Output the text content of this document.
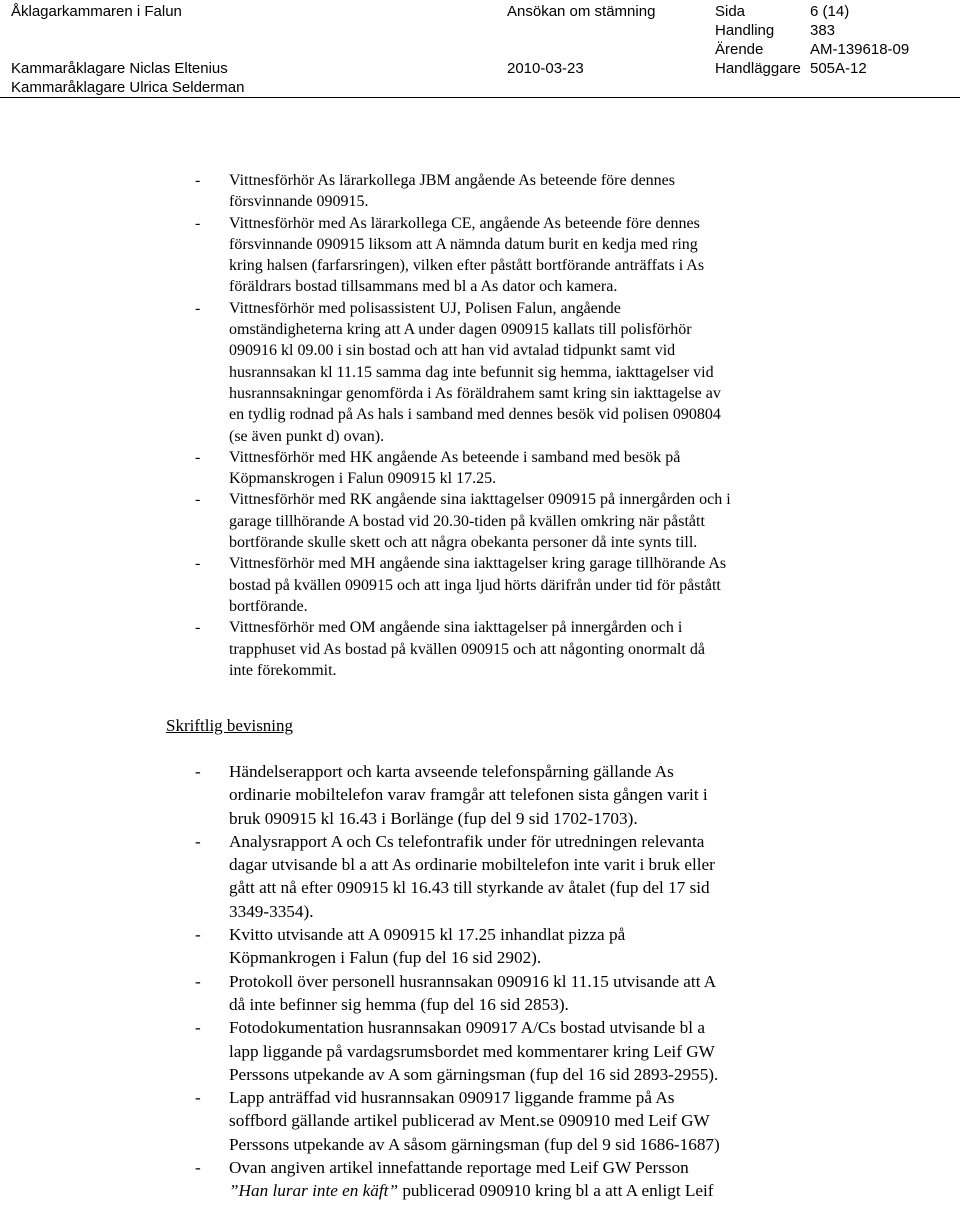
Åklagarkammaren i Falun	Ansökan om stämning	Sida	6 (14)
Handling 383
Ärende	AM-139618-09
Kammaråklagare Niclas Eltenius	2010-03-23	Handläggare 505A-12
Kammaråklagare Ulrica Selderman
- Vittnesförhör As lärarkollega JBM angående As beteende före dennes
försvinnande 090915.
- Vittnesförhör med As lärarkollega CE, angående As beteende före dennes
försvinnande 090915 liksom att A nämnda datum burit en kedja med ring
kring halsen (farfarsringen), vilken efter påstått bortförande anträffats i As
föräldrars bostad tillsammans med bl a As dator och kamera.
- Vittnesförhör med polisassistent UJ, Polisen Falun, angående
omständigheterna kring att A under dagen 090915 kallats till polisförhör
090916 kl 09.00 i sin bostad och att han vid avtalad tidpunkt samt vid
husrannsakan kl 11.15 samma dag inte befunnit sig hemma, iakttagelser vid
husrannsakningar genomförda i As föräldrahem samt kring sin iakttagelse av
en tydlig rodnad på As hals i samband med dennes besök vid polisen 090804
(se även punkt d) ovan).
- Vittnesförhör med HK angående As beteende i samband med besök på
Köpmanskrogen i Falun 090915 kl 17.25.
- Vittnesförhör med RK angående sina iakttagelser 090915 på innergården och i
garage tillhörande A bostad vid 20.30-tiden på kvällen omkring när påstått
bortförande skulle skett och att några obekanta personer då inte synts till.
- Vittnesförhör med MH angående sina iakttagelser kring garage tillhörande As
bostad på kvällen 090915 och att inga ljud hörts därifrån under tid för påstått
bortförande.
- Vittnesförhör med OM angående sina iakttagelser på innergården och i
trapphuset vid As bostad på kvällen 090915 och att någonting onormalt då
inte förekommit.
Skriftlig bevisning
- Händelserapport och karta avseende telefonspårning gällande As
ordinarie mobiltelefon varav framgår att telefonen sista gången varit i
bruk 090915 kl 16.43 i Borlänge (fup del 9 sid 1702-1703).
- Analysrapport A och Cs telefontrafik under för utredningen relevanta
dagar utvisande bl a att As ordinarie mobiltelefon inte varit i bruk eller
gått att nå efter 090915 kl 16.43 till styrkande av åtalet (fup del 17 sid
3349-3354).
- Kvitto utvisande att A 090915 kl 17.25 inhandlat pizza på
Köpmankrogen i Falun (fup del 16 sid 2902).
- Protokoll över personell husrannsakan 090916 kl 11.15 utvisande att A
då inte befinner sig hemma (fup del 16 sid 2853).
- Fotodokumentation husrannsakan 090917 A/Cs bostad utvisande bl a
lapp liggande på vardagsrumsbordet med kommentarer kring Leif GW
Perssons utpekande av A som gärningsman (fup del 16 sid 2893-2955).
- Lapp anträffad vid husrannsakan 090917 liggande framme på As
soffbord gällande artikel publicerad av Ment.se 090910 med Leif GW
Perssons utpekande av A såsom gärningsman (fup del 9 sid 1686-1687)
- Ovan angiven artikel innefattande reportage med Leif GW Persson
”Han lurar inte en käft” publicerad 090910 kring bl a att A enligt Leif
